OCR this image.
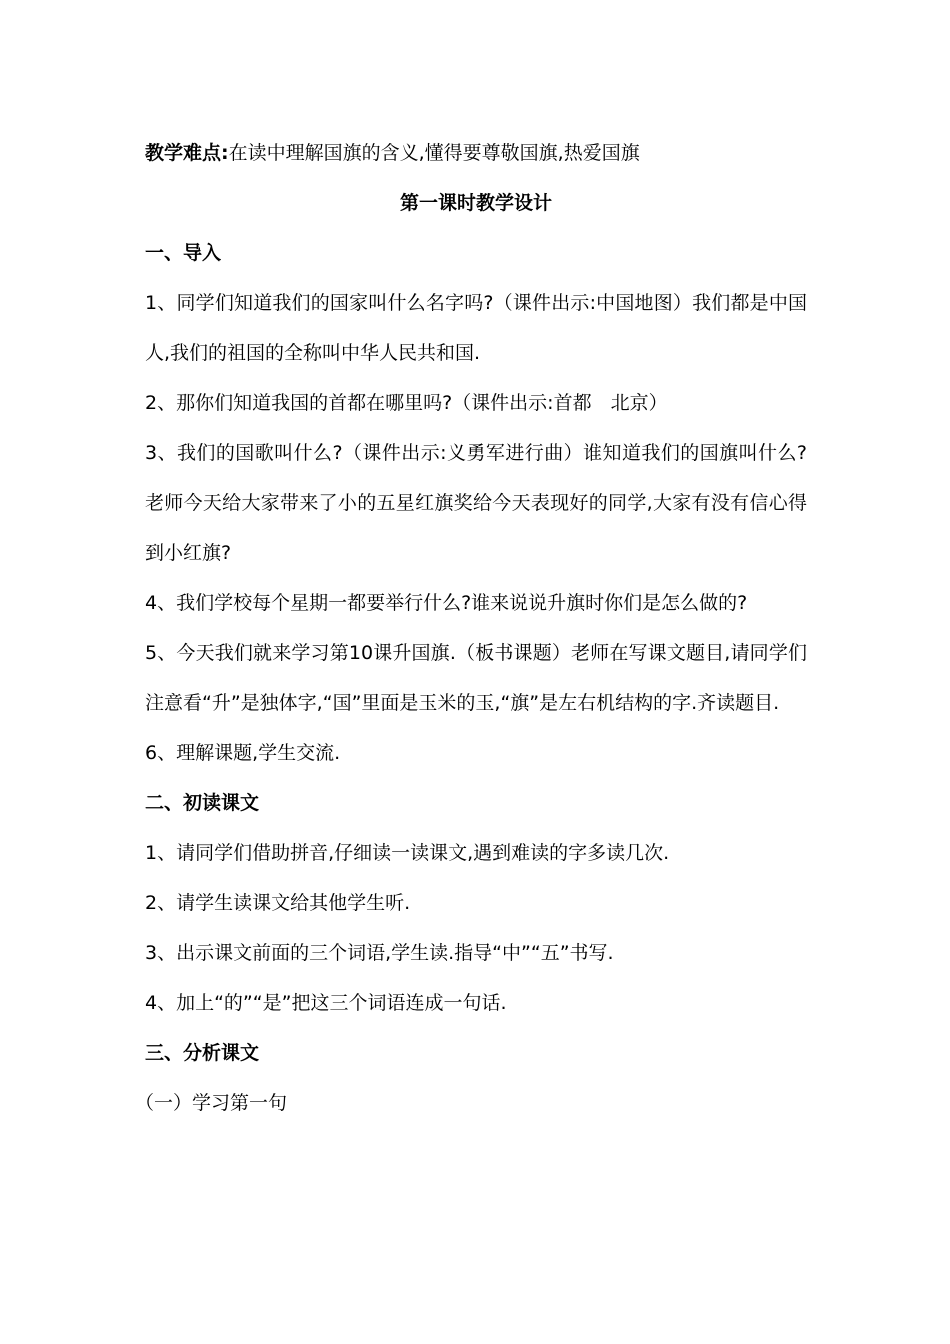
教学难点:在读中理解国旗的含义,懂得要尊敬国旗,热爱国旗

第一课时教学设计

一、导入

1、同学们知道我们的国家叫什么名字吗?（课件出示:中国地图）我们都是中国人,我们的祖国的全称叫中华人民共和国.

2、那你们知道我国的首都在哪里吗?（课件出示:首都　北京）

3、我们的国歌叫什么?（课件出示:义勇军进行曲）谁知道我们的国旗叫什么?老师今天给大家带来了小的五星红旗奖给今天表现好的同学,大家有没有信心得到小红旗?

4、我们学校每个星期一都要举行什么?谁来说说升旗时你们是怎么做的?

5、今天我们就来学习第10课升国旗.（板书课题）老师在写课文题目,请同学们注意看“升”是独体字,“国”里面是玉米的玉,“旗”是左右机结构的字.齐读题目.

6、理解课题,学生交流.

二、初读课文

1、请同学们借助拼音,仔细读一读课文,遇到难读的字多读几次.

2、请学生读课文给其他学生听.

3、出示课文前面的三个词语,学生读.指导“中”“五”书写.

4、加上“的”“是”把这三个词语连成一句话.

三、分析课文

（一）学习第一句
